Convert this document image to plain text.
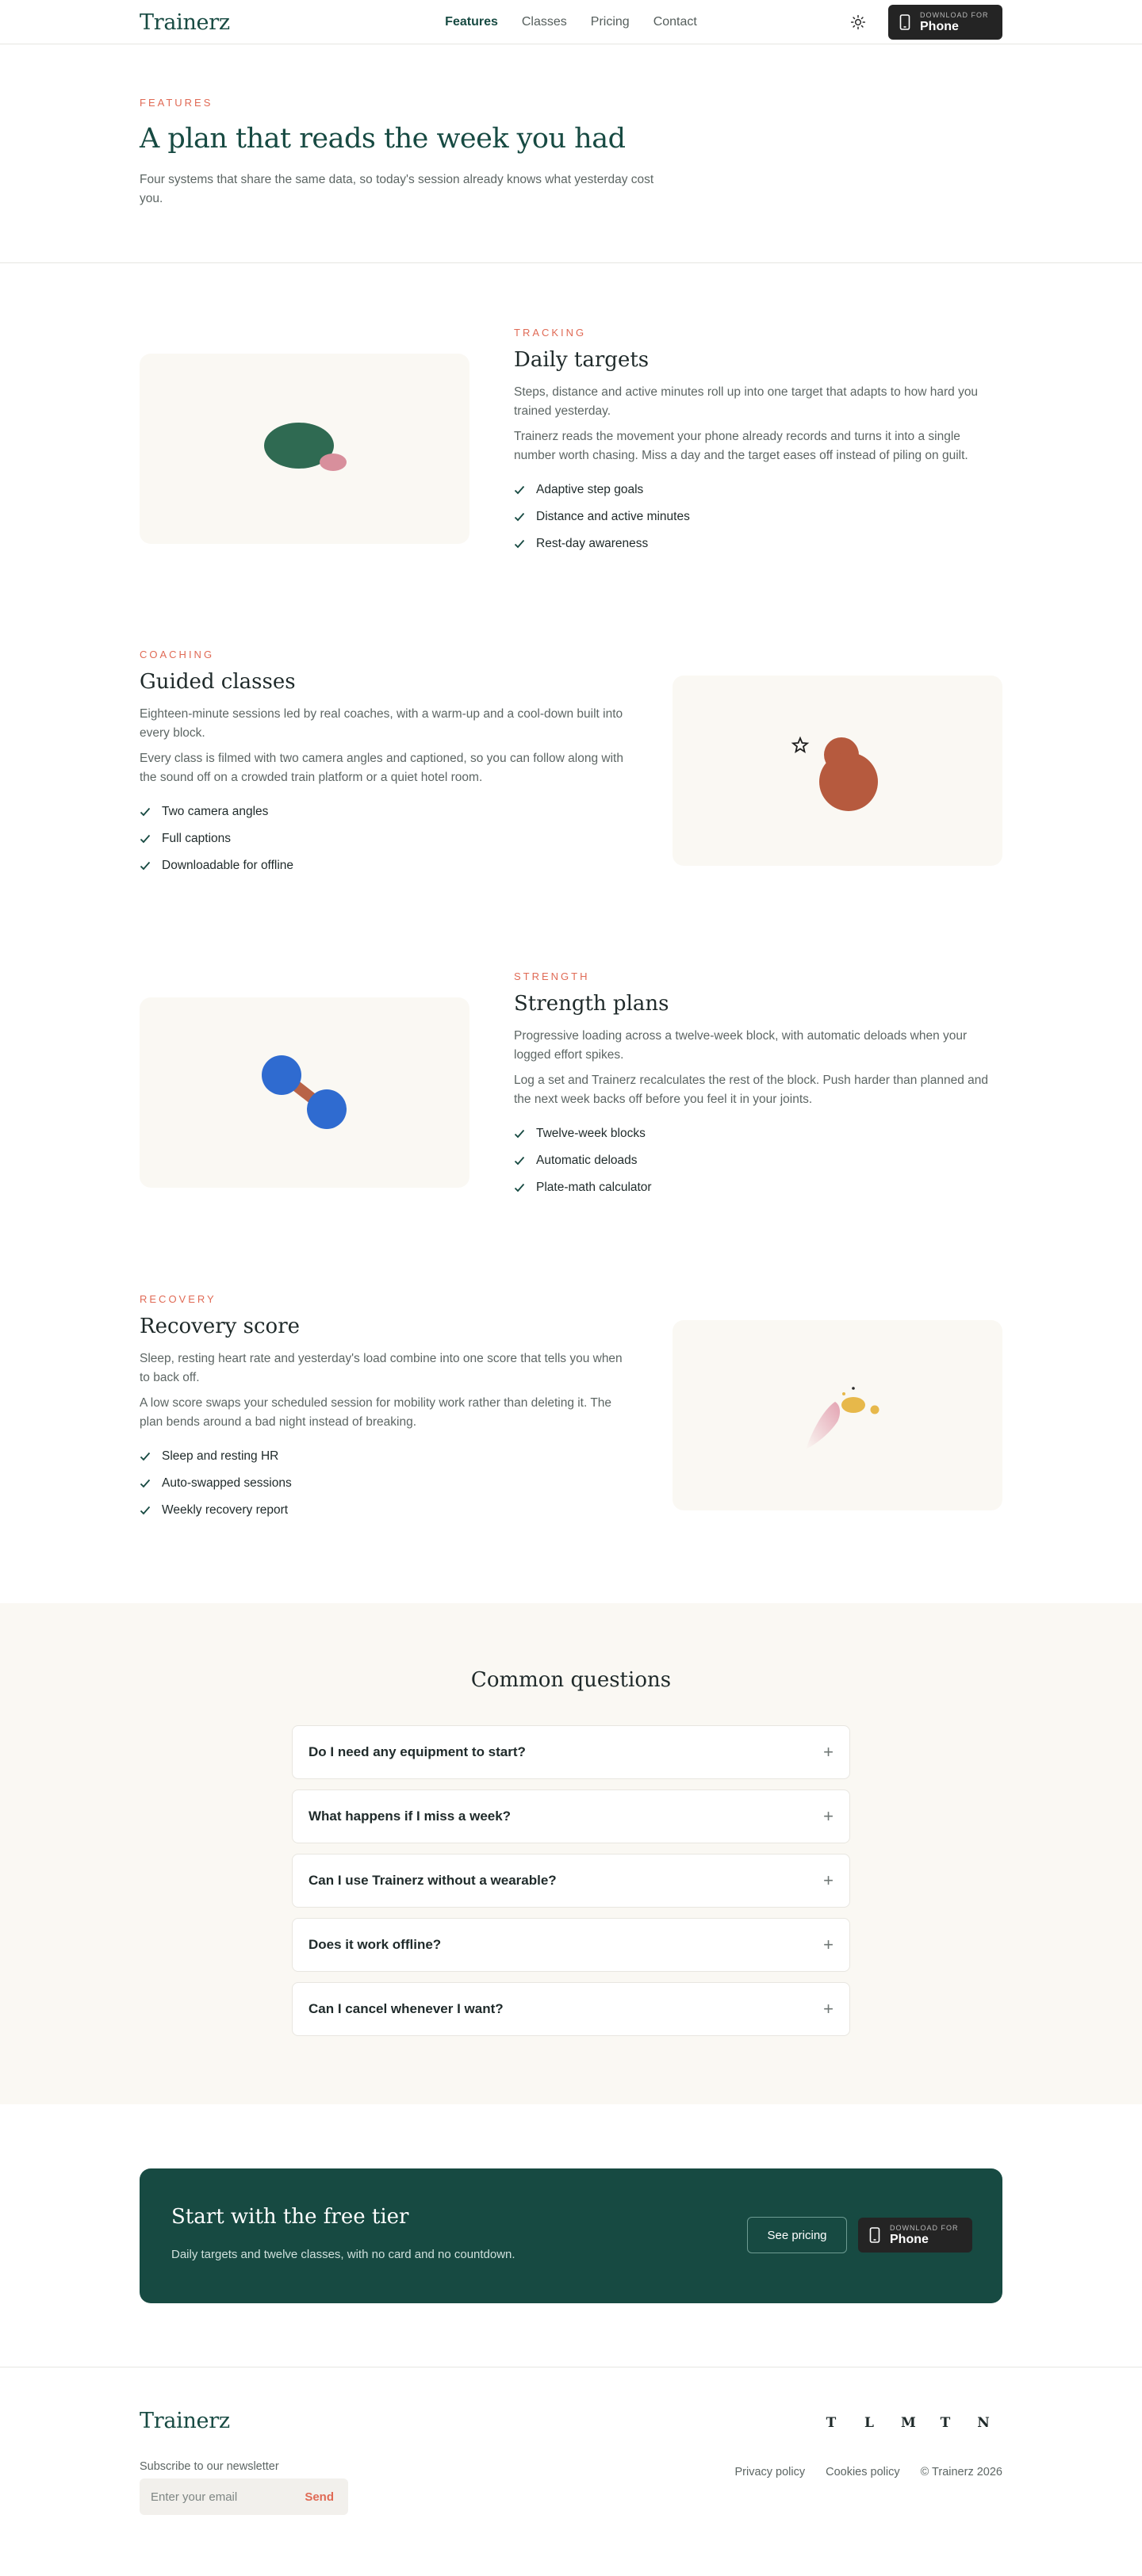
Trainerz	Features Classes Pricing Contact
DOWNLOAD FOR
Phone
FEATURES
A plan that reads the week you had

Four systems that share the same data, so today's session already knows what yesterday cost you.

TRACKING
Daily targets

Steps, distance and active minutes roll up into one target that adapts to how hard you trained yesterday.

Trainerz reads the movement your phone already records and turns it into a single number worth chasing. Miss a day and the target eases off instead of piling on guilt.

Adaptive step goals
Distance and active minutes
Rest-day awareness
COACHING
Guided classes

Eighteen-minute sessions led by real coaches, with a warm-up and a cool-down built into every block.

Every class is filmed with two camera angles and captioned, so you can follow along with the sound off on a crowded train platform or a quiet hotel room.

Two camera angles
Full captions
Downloadable for offline
STRENGTH
Strength plans

Progressive loading across a twelve-week block, with automatic deloads when your logged effort spikes.

Log a set and Trainerz recalculates the rest of the block. Push harder than planned and the next week backs off before you feel it in your joints.

Twelve-week blocks
Automatic deloads
Plate-math calculator
RECOVERY
Recovery score

Sleep, resting heart rate and yesterday's load combine into one score that tells you when to back off.

A low score swaps your scheduled session for mobility work rather than deleting it. The plan bends around a bad night instead of breaking.

Sleep and resting HR
Auto-swapped sessions
Weekly recovery report
Common questions
Do I need any equipment to start?	+
What happens if I miss a week?	+
Can I use Trainerz without a wearable?	+
Does it work offline?	+
Can I cancel whenever I want?	+
Start with the free tier

Daily targets and twelve classes, with no card and no countdown.

See pricing
DOWNLOAD FOR
Phone
Trainerz	T L M T N
Subscribe to our newsletter
Enter your email
Send
Privacy policy Cookies policy © Trainerz 2026
